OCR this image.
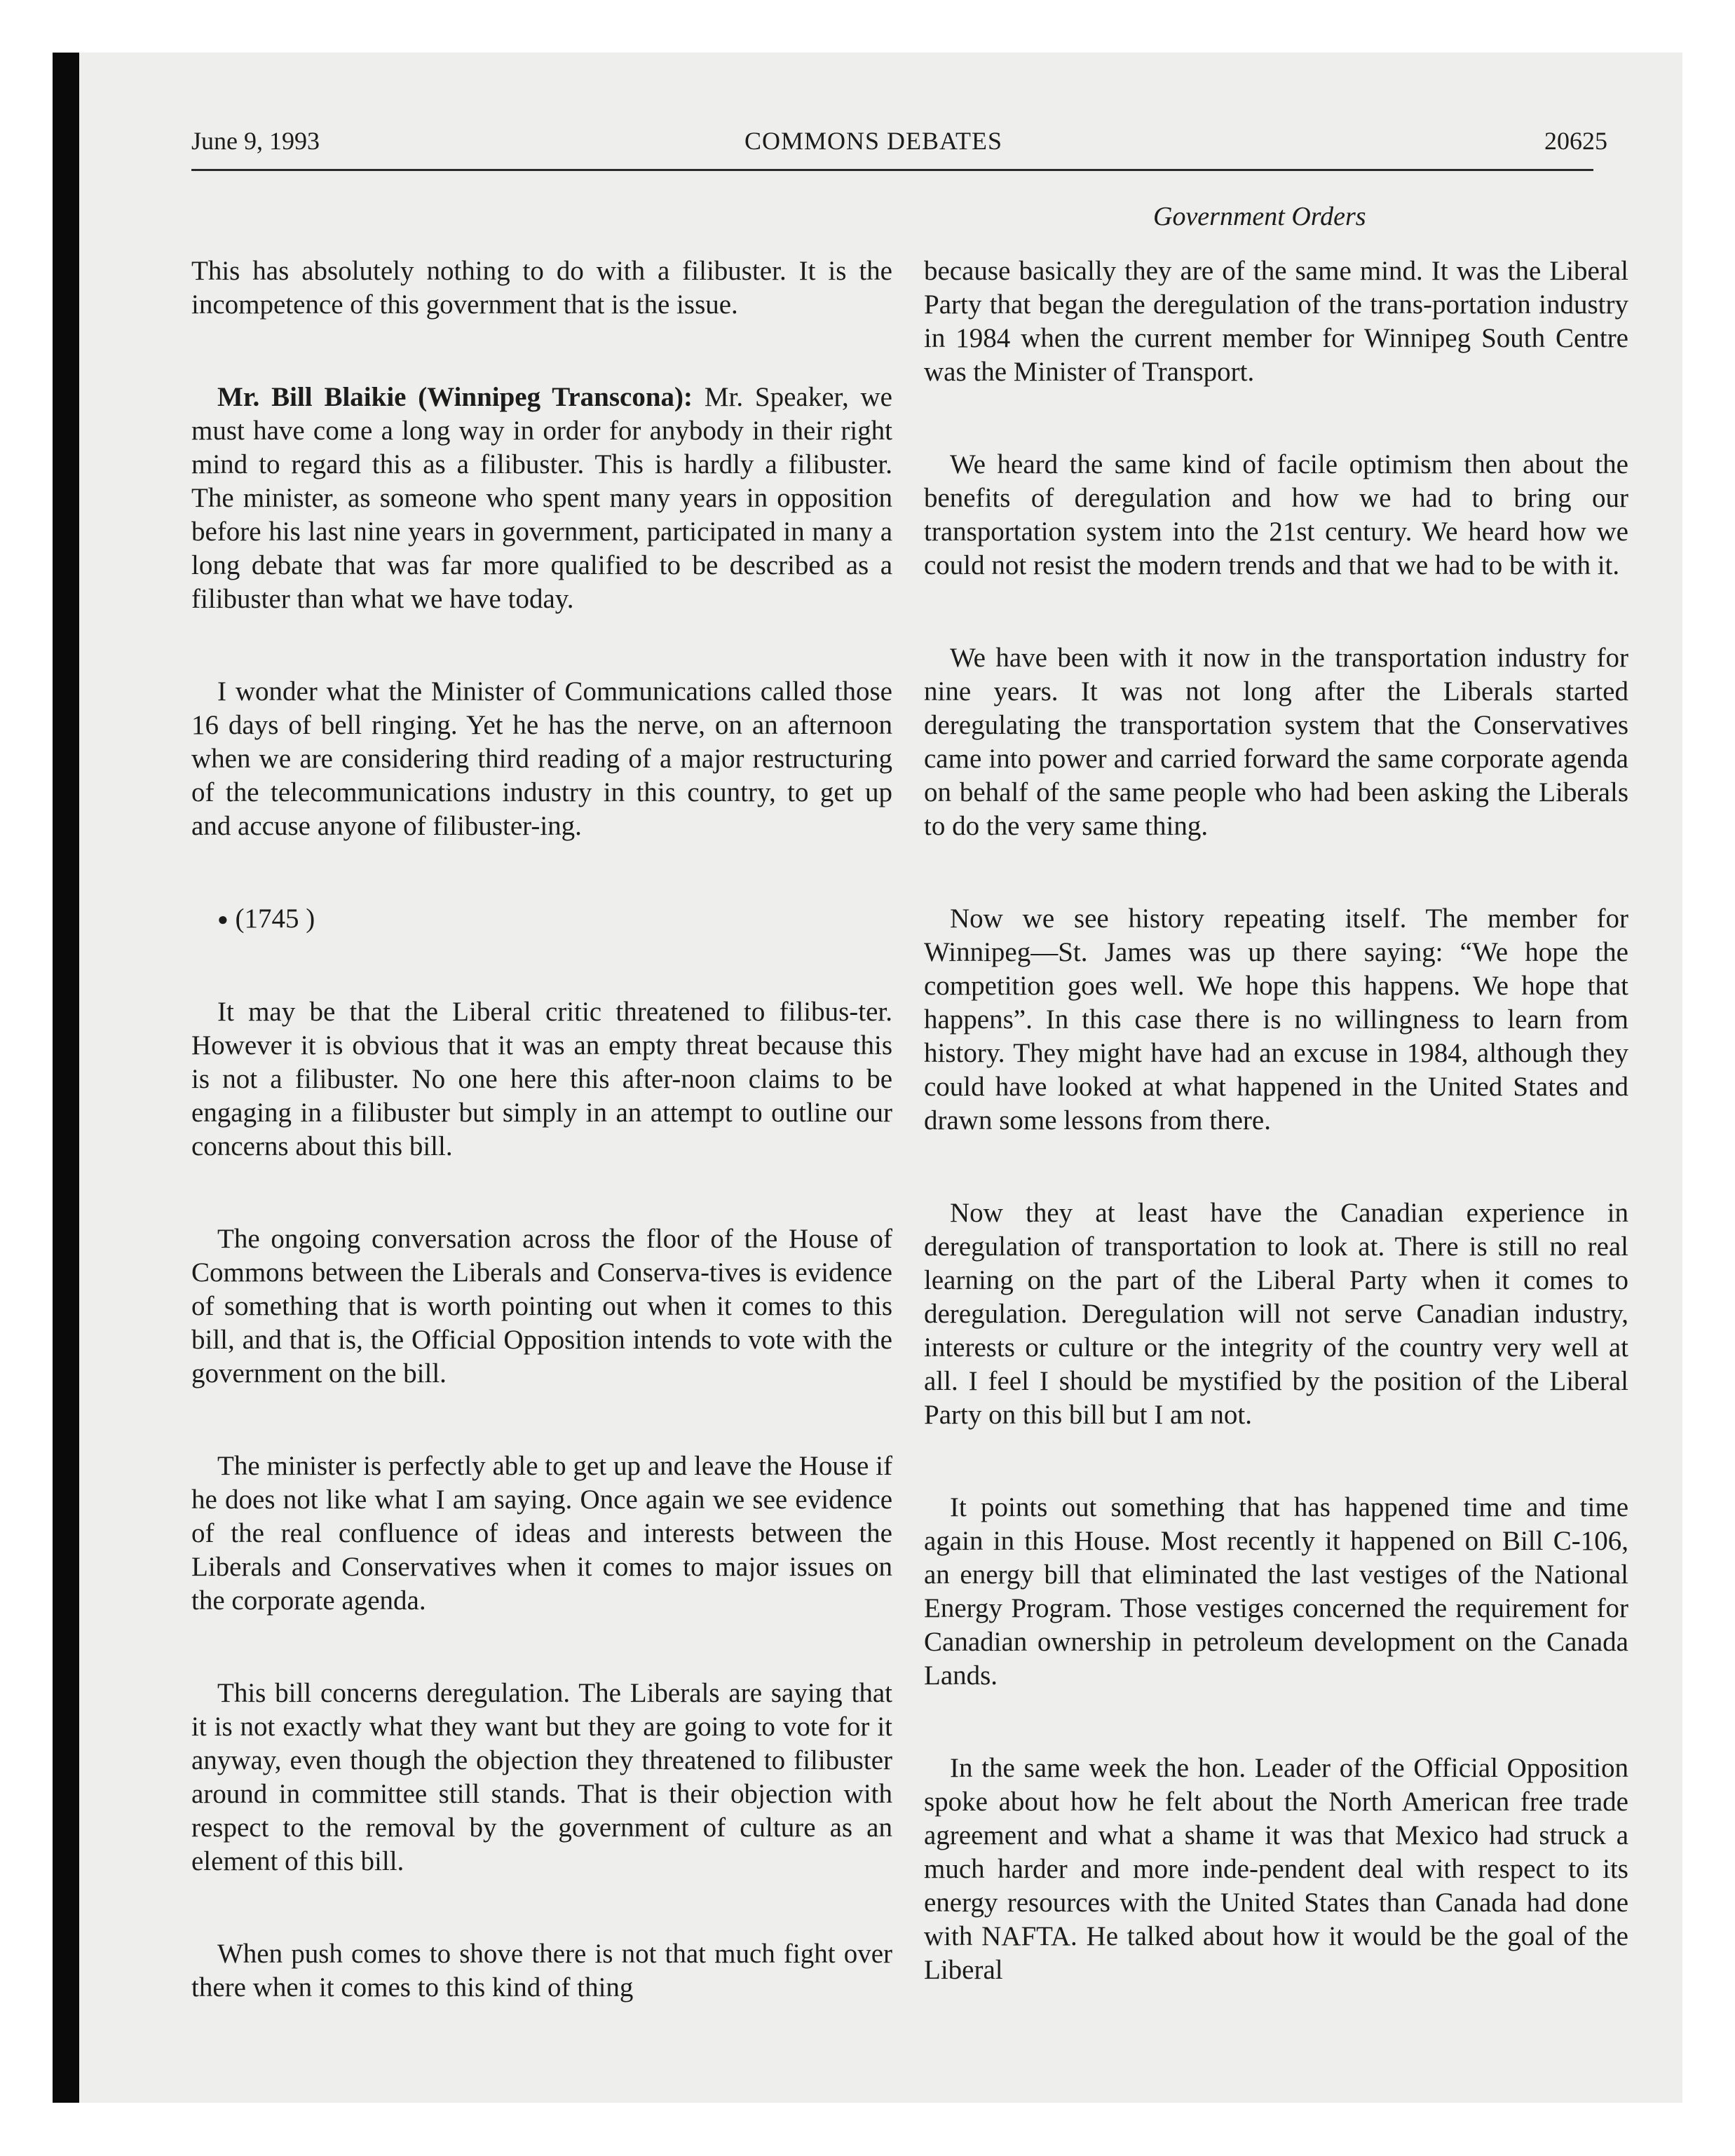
June 9, 1993	COMMONS DEBATES	20625
Government Orders

This has absolutely nothing to do with a filibuster. It is the incompetence of this government that is the issue.

Mr. Bill Blaikie (Winnipeg Transcona): Mr. Speaker, we must have come a long way in order for anybody in their right mind to regard this as a filibuster. This is hardly a filibuster. The minister, as someone who spent many years in opposition before his last nine years in government, participated in many a long debate that was far more qualified to be described as a filibuster than what we have today.

I wonder what the Minister of Communications called those 16 days of bell ringing. Yet he has the nerve, on an afternoon when we are considering third reading of a major restructuring of the telecommunications industry in this country, to get up and accuse anyone of filibuster-ing.

● (1745 )

It may be that the Liberal critic threatened to filibus-ter. However it is obvious that it was an empty threat because this is not a filibuster. No one here this after-noon claims to be engaging in a filibuster but simply in an attempt to outline our concerns about this bill.

The ongoing conversation across the floor of the House of Commons between the Liberals and Conserva-tives is evidence of something that is worth pointing out when it comes to this bill, and that is, the Official Opposition intends to vote with the government on the bill.

The minister is perfectly able to get up and leave the House if he does not like what I am saying. Once again we see evidence of the real confluence of ideas and interests between the Liberals and Conservatives when it comes to major issues on the corporate agenda.

This bill concerns deregulation. The Liberals are saying that it is not exactly what they want but they are going to vote for it anyway, even though the objection they threatened to filibuster around in committee still stands. That is their objection with respect to the removal by the government of culture as an element of this bill.

When push comes to shove there is not that much fight over there when it comes to this kind of thing

because basically they are of the same mind. It was the Liberal Party that began the deregulation of the trans-portation industry in 1984 when the current member for Winnipeg South Centre was the Minister of Transport.

We heard the same kind of facile optimism then about the benefits of deregulation and how we had to bring our transportation system into the 21st century. We heard how we could not resist the modern trends and that we had to be with it.

We have been with it now in the transportation industry for nine years. It was not long after the Liberals started deregulating the transportation system that the Conservatives came into power and carried forward the same corporate agenda on behalf of the same people who had been asking the Liberals to do the very same thing.

Now we see history repeating itself. The member for Winnipeg—St. James was up there saying: “We hope the competition goes well. We hope this happens. We hope that happens”. In this case there is no willingness to learn from history. They might have had an excuse in 1984, although they could have looked at what happened in the United States and drawn some lessons from there.

Now they at least have the Canadian experience in deregulation of transportation to look at. There is still no real learning on the part of the Liberal Party when it comes to deregulation. Deregulation will not serve Canadian industry, interests or culture or the integrity of the country very well at all. I feel I should be mystified by the position of the Liberal Party on this bill but I am not.

It points out something that has happened time and time again in this House. Most recently it happened on Bill C-106, an energy bill that eliminated the last vestiges of the National Energy Program. Those vestiges concerned the requirement for Canadian ownership in petroleum development on the Canada Lands.

In the same week the hon. Leader of the Official Opposition spoke about how he felt about the North American free trade agreement and what a shame it was that Mexico had struck a much harder and more inde-pendent deal with respect to its energy resources with the United States than Canada had done with NAFTA. He talked about how it would be the goal of the Liberal
